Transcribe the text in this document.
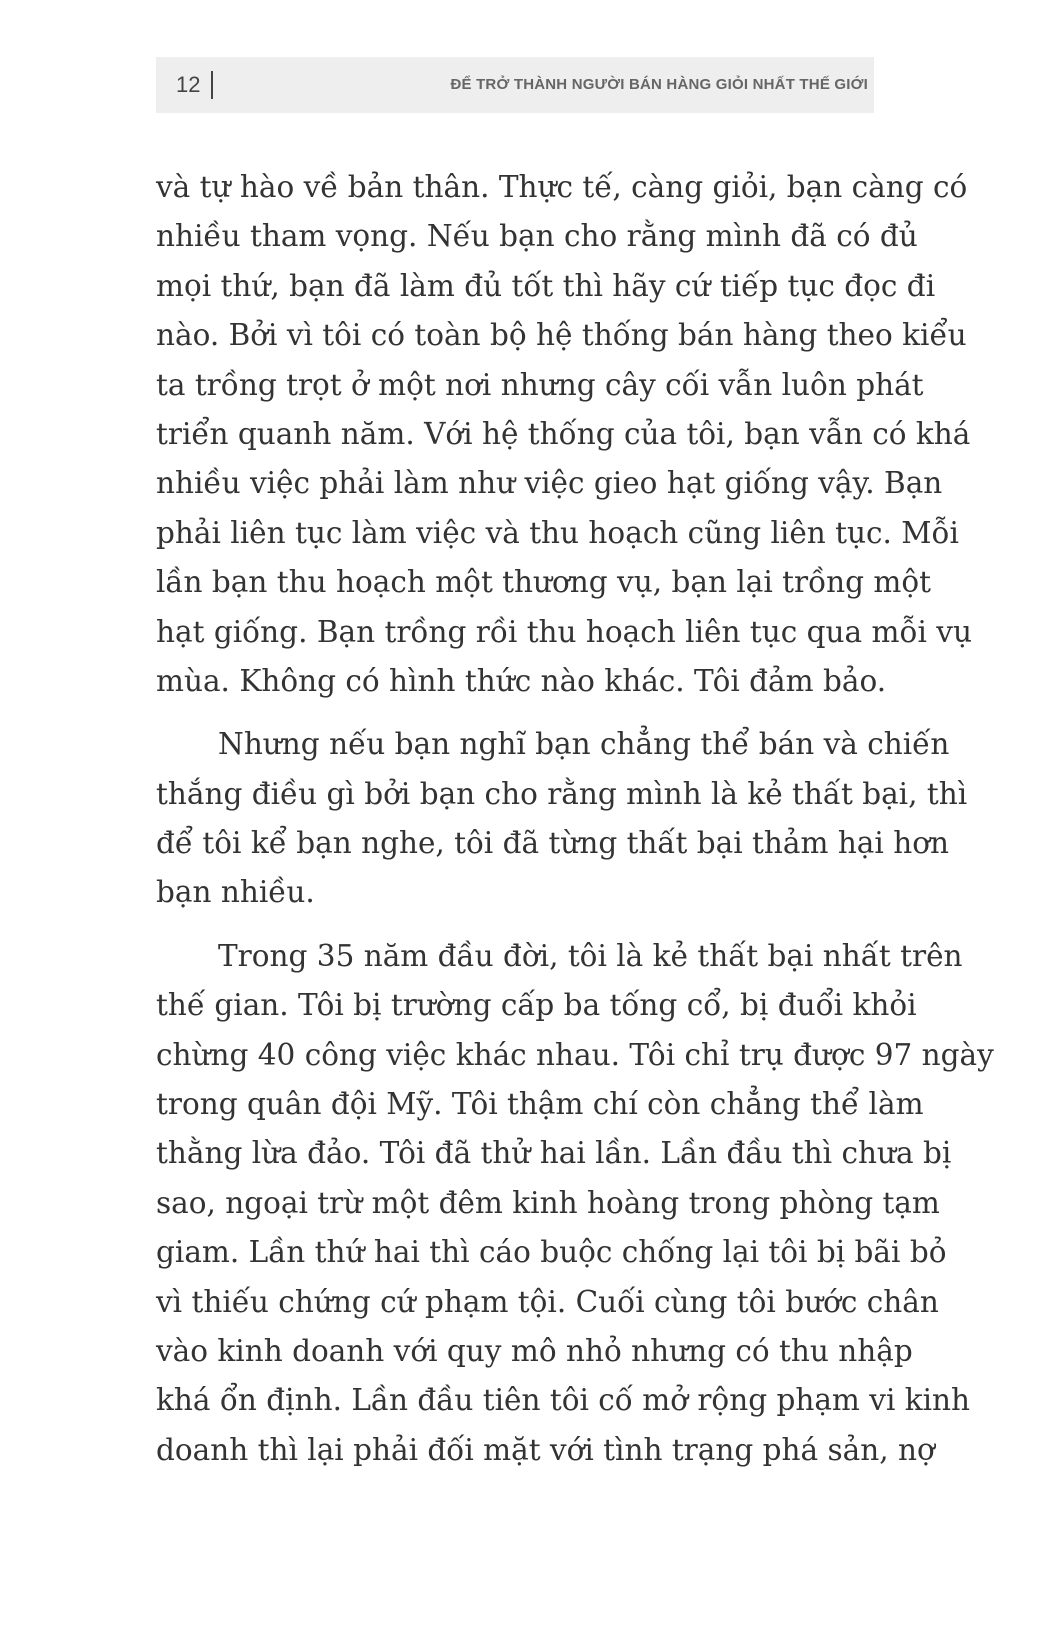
12	ĐỂ TRỞ THÀNH NGƯỜI BÁN HÀNG GIỎI NHẤT THẾ GIỚI
và tự hào về bản thân. Thực tế, càng giỏi, bạn càng có
nhiều tham vọng. Nếu bạn cho rằng mình đã có đủ
mọi thứ, bạn đã làm đủ tốt thì hãy cứ tiếp tục đọc đi
nào. Bởi vì tôi có toàn bộ hệ thống bán hàng theo kiểu
ta trồng trọt ở một nơi nhưng cây cối vẫn luôn phát
triển quanh năm. Với hệ thống của tôi, bạn vẫn có khá
nhiều việc phải làm như việc gieo hạt giống vậy. Bạn
phải liên tục làm việc và thu hoạch cũng liên tục. Mỗi
lần bạn thu hoạch một thương vụ, bạn lại trồng một
hạt giống. Bạn trồng rồi thu hoạch liên tục qua mỗi vụ
mùa. Không có hình thức nào khác. Tôi đảm bảo.
Nhưng nếu bạn nghĩ bạn chẳng thể bán và chiến
thắng điều gì bởi bạn cho rằng mình là kẻ thất bại, thì
để tôi kể bạn nghe, tôi đã từng thất bại thảm hại hơn
bạn nhiều.
Trong 35 năm đầu đời, tôi là kẻ thất bại nhất trên
thế gian. Tôi bị trường cấp ba tống cổ, bị đuổi khỏi
chừng 40 công việc khác nhau. Tôi chỉ trụ được 97 ngày
trong quân đội Mỹ. Tôi thậm chí còn chẳng thể làm
thằng lừa đảo. Tôi đã thử hai lần. Lần đầu thì chưa bị
sao, ngoại trừ một đêm kinh hoàng trong phòng tạm
giam. Lần thứ hai thì cáo buộc chống lại tôi bị bãi bỏ
vì thiếu chứng cứ phạm tội. Cuối cùng tôi bước chân
vào kinh doanh với quy mô nhỏ nhưng có thu nhập
khá ổn định. Lần đầu tiên tôi cố mở rộng phạm vi kinh
doanh thì lại phải đối mặt với tình trạng phá sản, nợ
